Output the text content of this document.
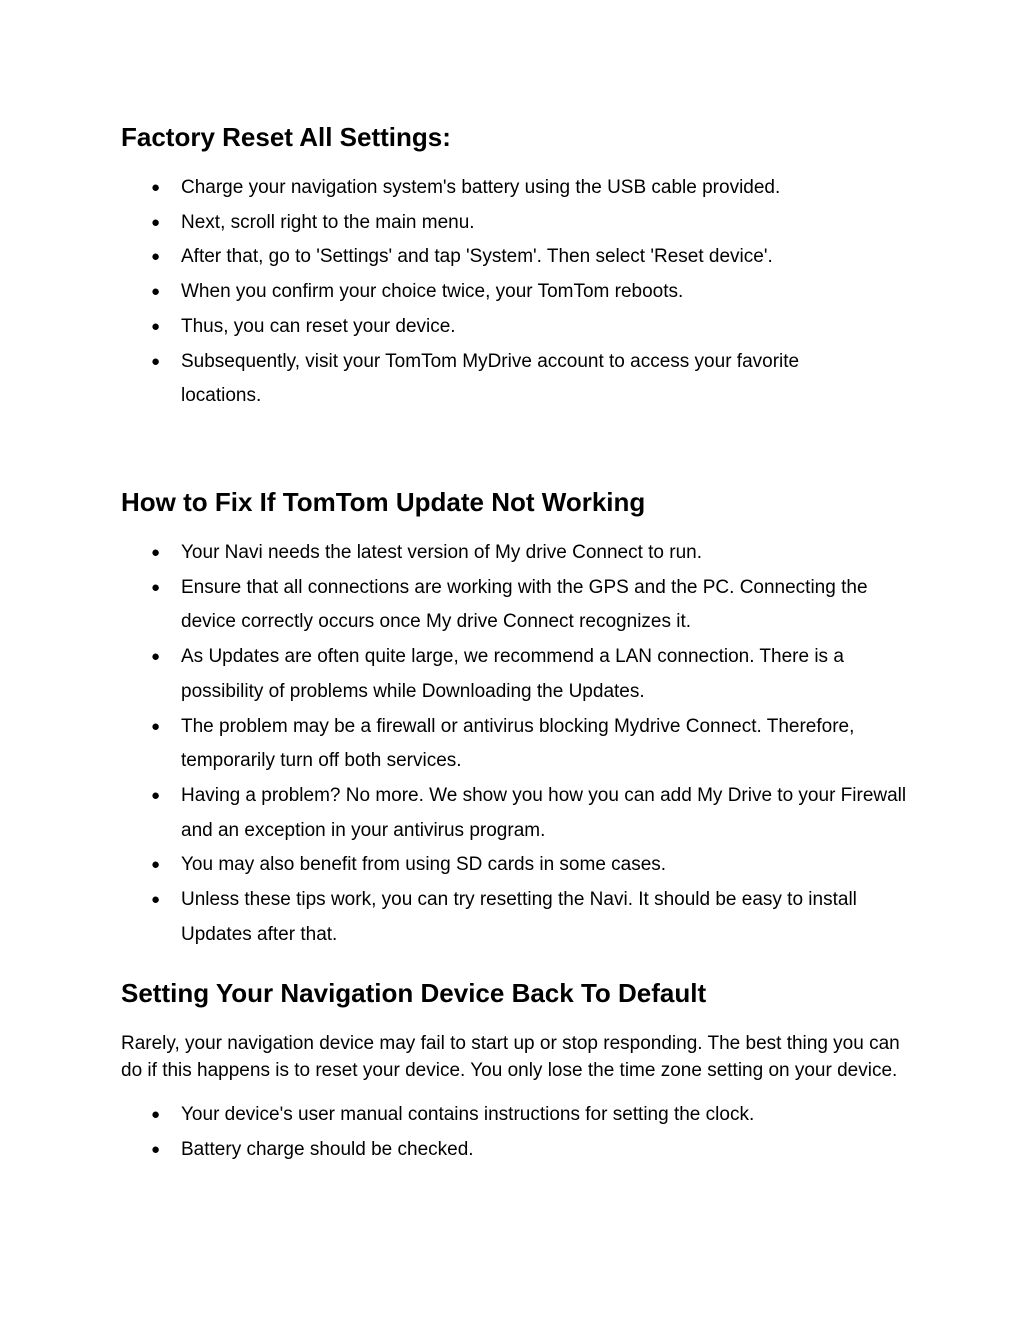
Factory Reset All Settings:
● Charge your navigation system's battery using the USB cable provided.
● Next, scroll right to the main menu.
● After that, go to 'Settings' and tap 'System'. Then select 'Reset device'.
● When you confirm your choice twice, your TomTom reboots.
● Thus, you can reset your device.
● Subsequently, visit your TomTom MyDrive account to access your favorite locations.
How to Fix If TomTom Update Not Working
● Your Navi needs the latest version of My drive Connect to run.
● Ensure that all connections are working with the GPS and the PC. Connecting the device correctly occurs once My drive Connect recognizes it.
● As Updates are often quite large, we recommend a LAN connection. There is a possibility of problems while Downloading the Updates.
● The problem may be a firewall or antivirus blocking Mydrive Connect. Therefore, temporarily turn off both services.
● Having a problem? No more. We show you how you can add My Drive to your Firewall and an exception in your antivirus program.
● You may also benefit from using SD cards in some cases.
● Unless these tips work, you can try resetting the Navi. It should be easy to install Updates after that.
Setting Your Navigation Device Back To Default

Rarely, your navigation device may fail to start up or stop responding. The best thing you can do if this happens is to reset your device. You only lose the time zone setting on your device.

● Your device's user manual contains instructions for setting the clock.
● Battery charge should be checked.
